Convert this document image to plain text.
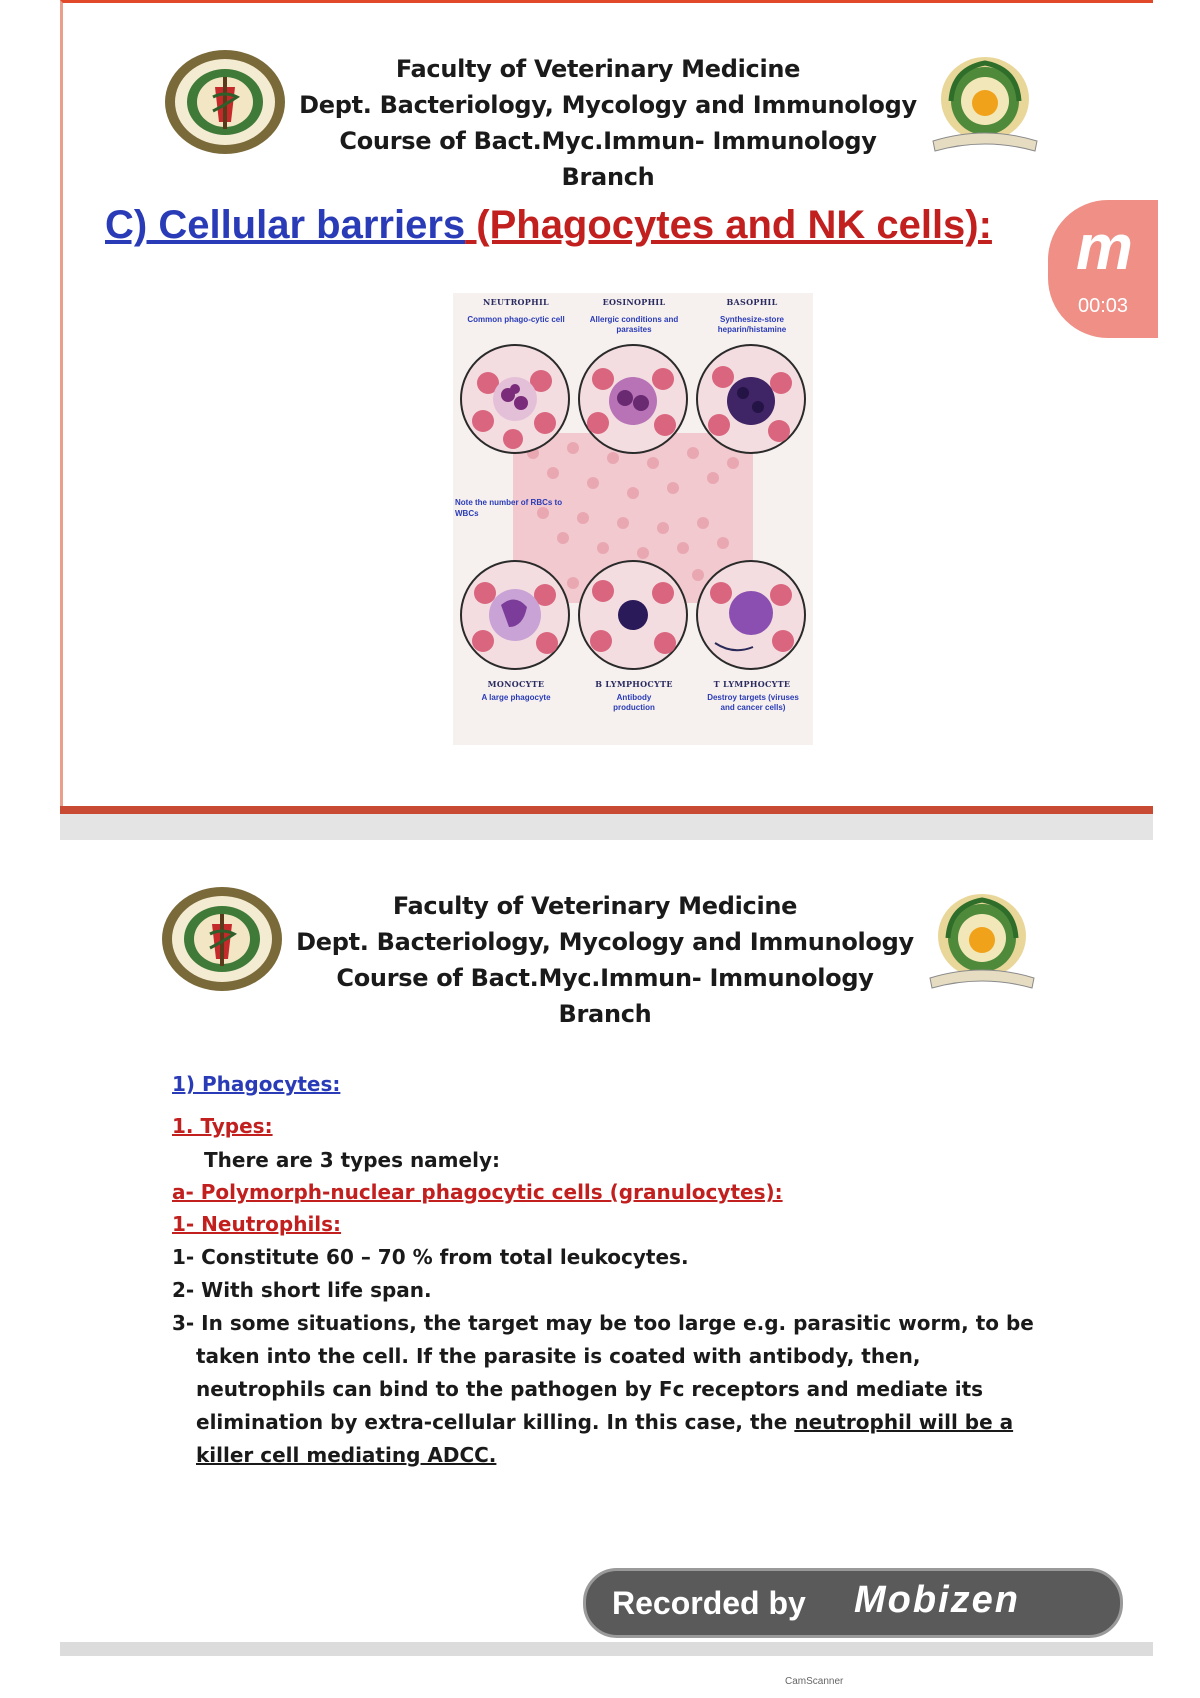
Faculty of Veterinary Medicine
Dept. Bacteriology, Mycology and Immunology
Course of Bact.Myc.Immun- Immunology Branch
C) Cellular barriers (Phagocytes and NK cells):
NEUTROPHIL	EOSINOPHIL	BASOPHIL
Common phago-cytic cell	Allergic conditions and parasites
Synthesize-store heparin/histamine
Note the number of RBCs to WBCs
MONOCYTE	B LYMPHOCYTE	T LYMPHOCYTE
A large phagocyte	Antibody production
Destroy targets (viruses and cancer cells)
m
00:03
Faculty of Veterinary Medicine
Dept. Bacteriology, Mycology and Immunology
Course of Bact.Myc.Immun- Immunology Branch
1) Phagocytes:
1. Types:
There are 3 types namely:
a- Polymorph-nuclear phagocytic cells (granulocytes):
1- Neutrophils:
1- Constitute 60 – 70 % from total leukocytes.
2- With short life span.
3- In some situations, the target may be too large e.g. parasitic worm, to be
taken into the cell. If the parasite is coated with antibody, then,
neutrophils can bind to the pathogen by Fc receptors and mediate its
elimination by extra-cellular killing. In this case, the neutrophil will be a
killer cell mediating ADCC.
Recorded by Mobizen
CamScanner
